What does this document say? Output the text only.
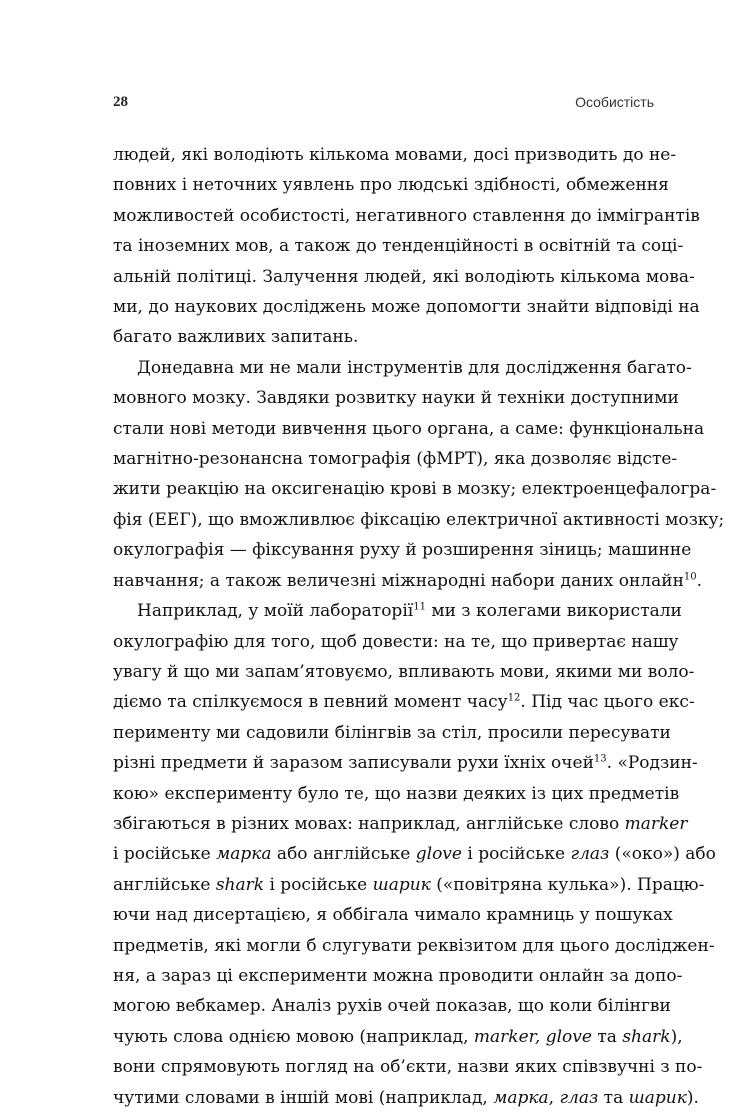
28	Особистість

людей, які володіють кількома мовами, досі призводить до не-
повних і неточних уявлень про людські здібності, обмеження
можливостей особистості, негативного ставлення до іммігрантів
та іноземних мов, а також до тенденційності в освітній та соці-
альній політиці. Залучення людей, які володіють кількома мова-
ми, до наукових досліджень може допомогти знайти відповіді на
багато важливих запитань.

Донедавна ми не мали інструментів для дослідження багато-
мовного мозку. Завдяки розвитку науки й техніки доступними
стали нові методи вивчення цього органа, а саме: функціональна
магнітно-резонансна томографія (фМРТ), яка дозволяє відсте-
жити реакцію на оксигенацію крові в мозку; електроенцефалогра-
фія (ЕЕГ), що вможливлює фіксацію електричної активності мозку;
окулографія — фіксування руху й розширення зіниць; машинне
навчання; а також величезні міжнародні набори даних онлайн$^{10}$.

Наприклад, у моїй лабораторії$^{11}$ ми з колегами використали
окулографію для того, щоб довести: на те, що привертає нашу
увагу й що ми запам’ятовуємо, впливають мови, якими ми воло-
діємо та спілкуємося в певний момент часу$^{12}$. Під час цього екс-
перименту ми садовили білінгвів за стіл, просили пересувати
різні предмети й заразом записували рухи їхніх очей$^{13}$. «Родзин-
кою» експерименту було те, що назви деяких із цих предметів
збігаються в різних мовах: наприклад, англійське слово marker
і російське марка або англійське glove і російське глаз («око») або
англійське shark і російське шарик («повітряна кулька»). Працю-
ючи над дисертацією, я оббігала чимало крамниць у пошуках
предметів, які могли б слугувати реквізитом для цього досліджен-
ня, а зараз ці експерименти можна проводити онлайн за допо-
могою вебкамер. Аналіз рухів очей показав, що коли білінгви
чують слова однією мовою (наприклад, marker, glove та shark),
вони спрямовують погляд на об’єкти, назви яких співзвучні з по-
чутими словами в іншій мові (наприклад, марка, глаз та шарик).
